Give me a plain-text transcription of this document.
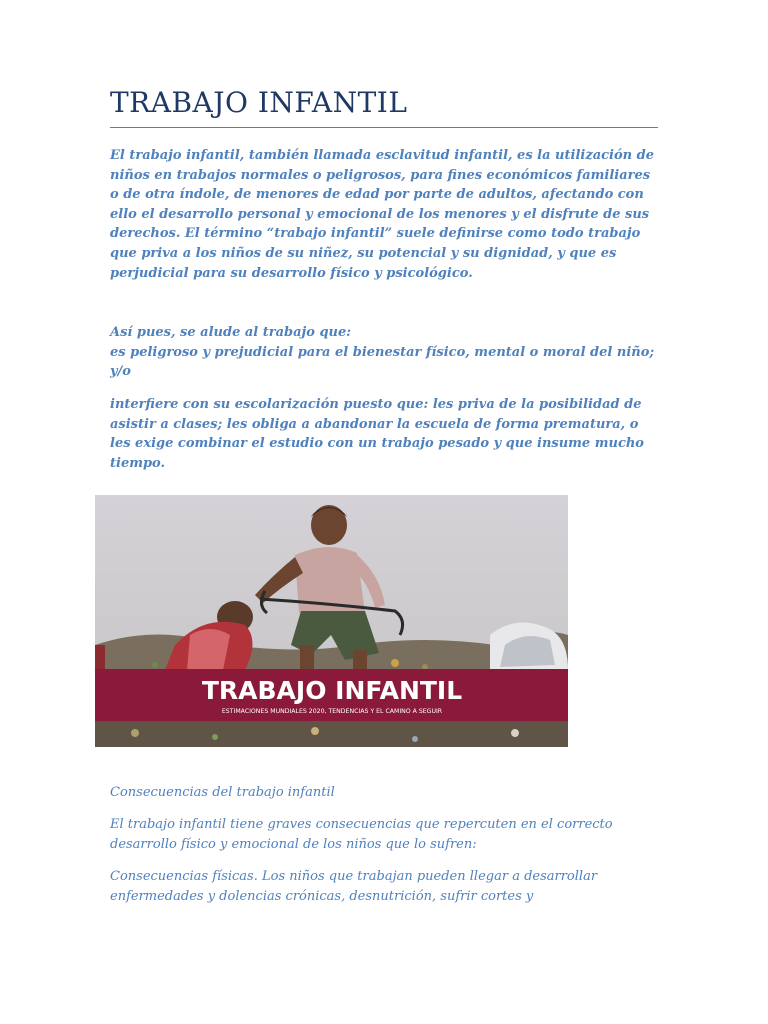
TRABAJO INFANTIL

El trabajo infantil, también llamada esclavitud infantil, es la utilización de niños en trabajos normales o peligrosos, para fines económicos familiares o de otra índole, de menores de edad por parte de adultos, afectando con ello el desarrollo personal y emocional de los menores y el disfrute de sus derechos. El término “trabajo infantil” suele definirse como todo trabajo que priva a los niños de su niñez, su potencial y su dignidad, y que es perjudicial para su desarrollo físico y psicológico.

Así pues, se alude al trabajo que:
es peligroso y prejudicial para el bienestar físico, mental o moral del niño; y/o

interfiere con su escolarización puesto que: les priva de la posibilidad de asistir a clases; les obliga a abandonar la escuela de forma prematura, o les exige combinar el estudio con un trabajo pesado y que insume mucho tiempo.

TRABAJO INFANTIL
ESTIMACIONES MUNDIALES 2020, TENDENCIAS Y EL CAMINO A SEGUIR

Consecuencias del trabajo infantil

El trabajo infantil tiene graves consecuencias que repercuten en el correcto desarrollo físico y emocional de los niños que lo sufren:

Consecuencias físicas. Los niños que trabajan pueden llegar a desarrollar enfermedades y dolencias crónicas, desnutrición, sufrir cortes y
